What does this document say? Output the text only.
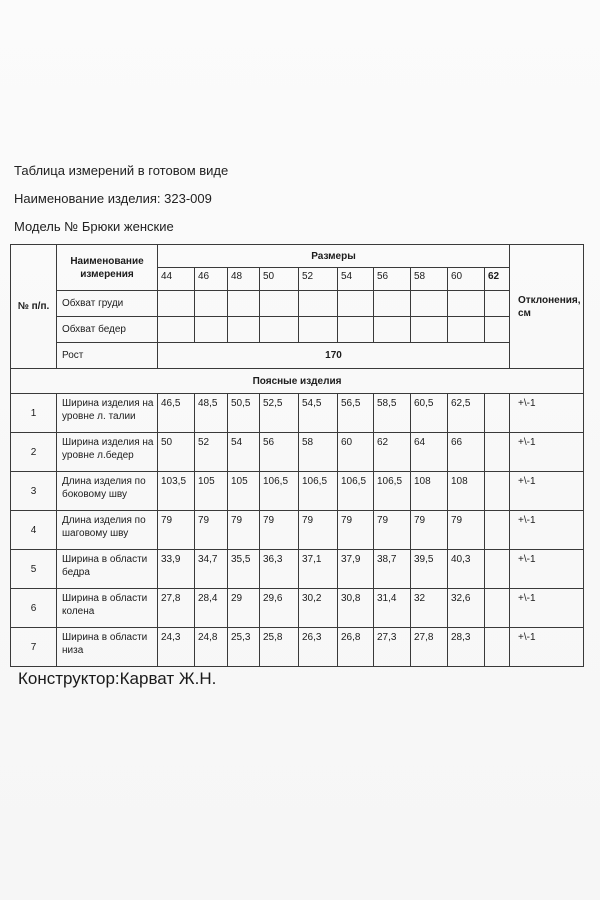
Таблица измерений в готовом виде
Наименование изделия: 323-009
Модель № Брюки женские
№ п/п.	Наименование измерения	Размеры										Отклонения, см
		44	46	48	50	52	54	56	58	60	62	
	Обхват груди											
	Обхват бедер											
	Рост	170										
Поясные изделия												
1	Ширина изделия на уровне л. талии	46,5	48,5	50,5	52,5	54,5	56,5	58,5	60,5	62,5		+\-1
2	Ширина изделия на уровне л.бедер	50	52	54	56	58	60	62	64	66		+\-1
3	Длина изделия по боковому шву	103,5	105	105	106,5	106,5	106,5	106,5	108	108		+\-1
4	Длина изделия по шаговому шву	79	79	79	79	79	79	79	79	79		+\-1
5	Ширина в области бедра	33,9	34,7	35,5	36,3	37,1	37,9	38,7	39,5	40,3		+\-1
6	Ширина в области колена	27,8	28,4	29	29,6	30,2	30,8	31,4	32	32,6		+\-1
7	Ширина в области низа	24,3	24,8	25,3	25,8	26,3	26,8	27,3	27,8	28,3		+\-1
Конструктор:Карват Ж.Н.
